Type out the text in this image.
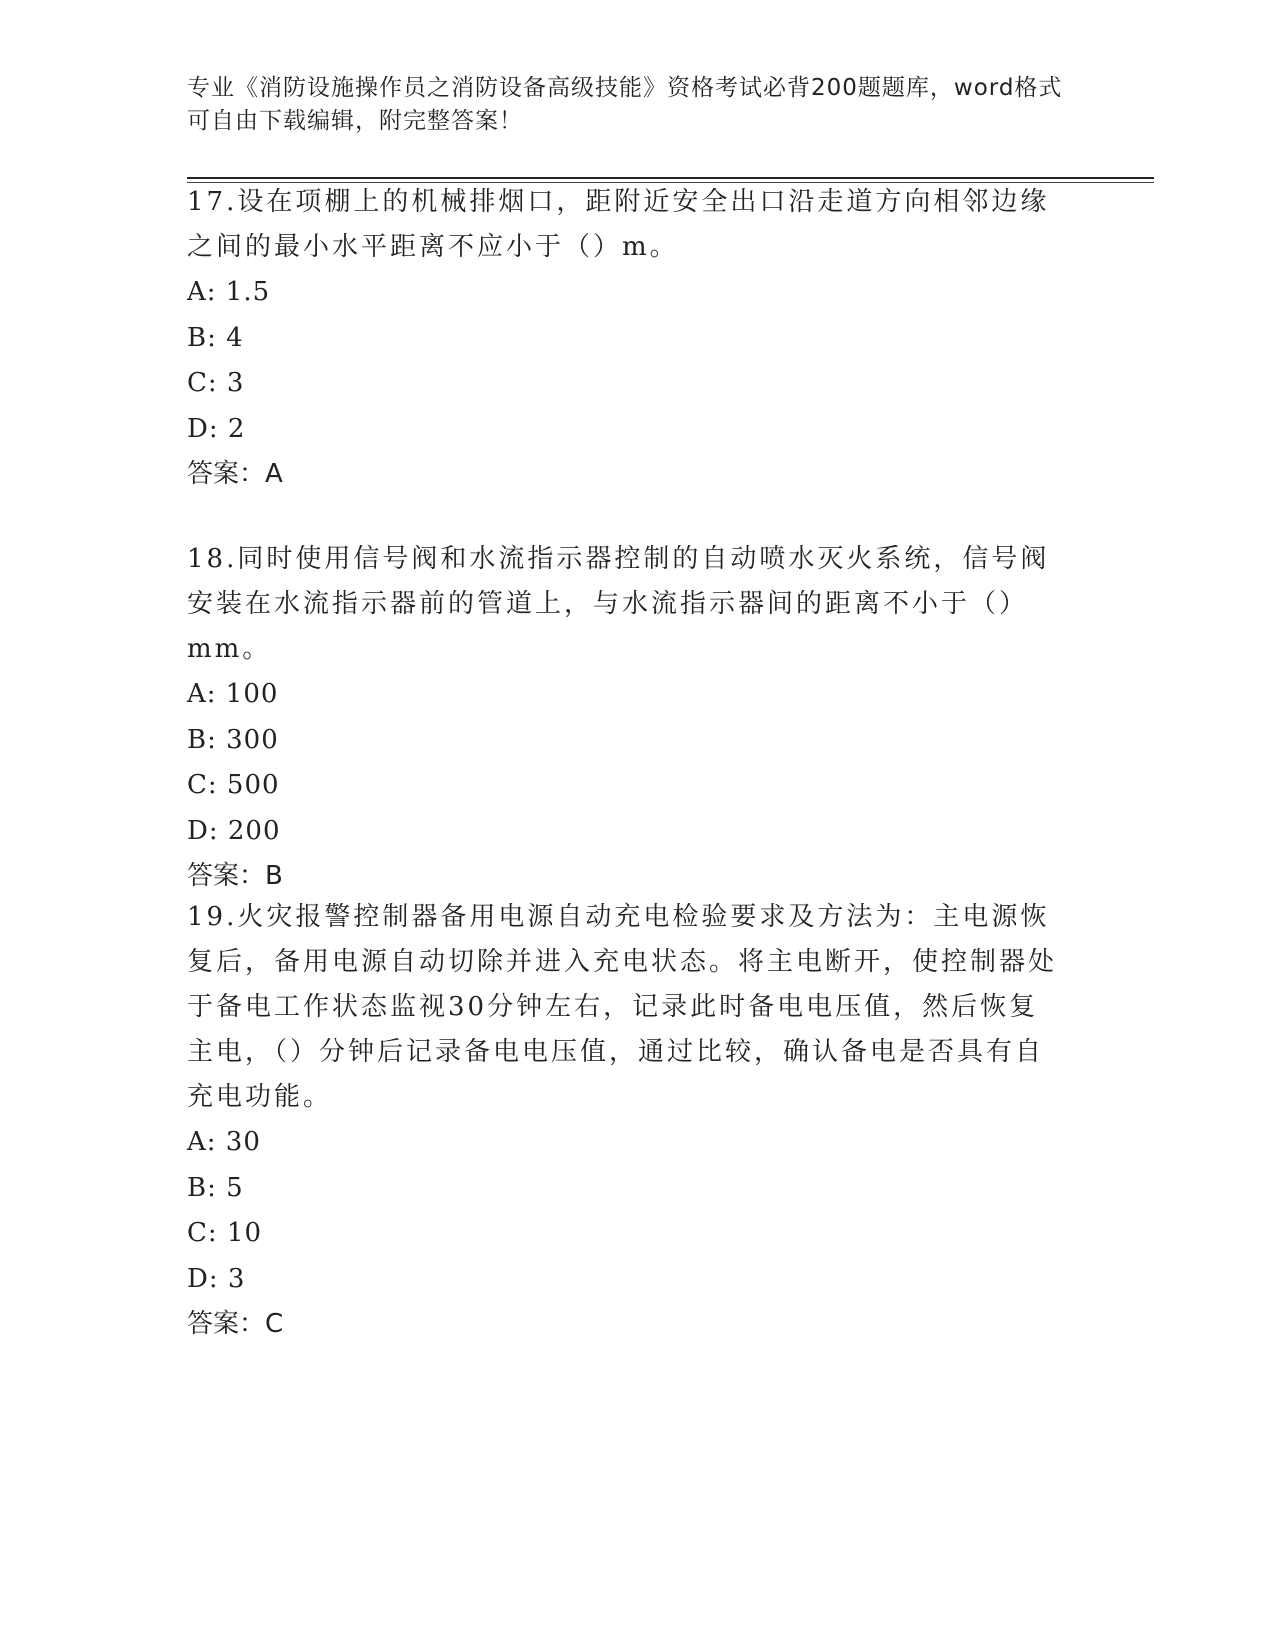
专业《消防设施操作员之消防设备高级技能》资格考试必背200题题库，word格式可自由下载编辑，附完整答案！

17.设在项棚上的机械排烟口，距附近安全出口沿走道方向相邻边缘之间的最小水平距离不应小于（）m。

A: 1.5

B: 4

C: 3

D: 2

答案：A

18.同时使用信号阀和水流指示器控制的自动喷水灭火系统，信号阀安装在水流指示器前的管道上，与水流指示器间的距离不小于（）mm。

A: 100

B: 300

C: 500

D: 200

答案：B

19.火灾报警控制器备用电源自动充电检验要求及方法为：主电源恢复后，备用电源自动切除并进入充电状态。将主电断开，使控制器处于备电工作状态监视30分钟左右，记录此时备电电压值，然后恢复主电，（）分钟后记录备电电压值，通过比较，确认备电是否具有自充电功能。

A: 30

B: 5

C: 10

D: 3

答案：C
